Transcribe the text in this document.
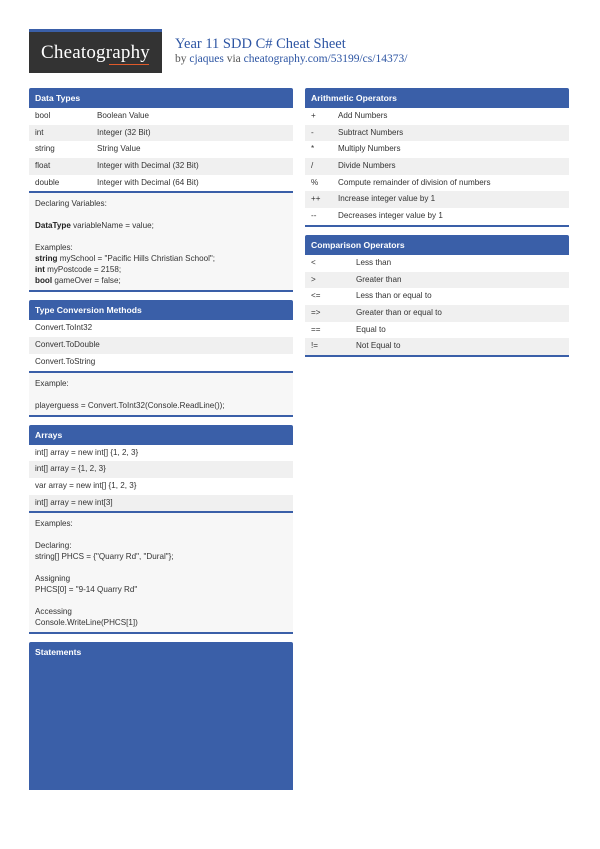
Cheatography	Year 11 SDD C# Cheat Sheet
by cjaques via cheatography.com/53199/cs/14373/
Data Types
bool	Boolean Value
int	Integer (32 Bit)
string	String Value
float	Integer with Decimal (32 Bit)
double	Integer with Decimal (64 Bit)
Declaring Variables:
DataType variableName = value;
Examples:
string mySchool = "Pacific Hills Christian School";
int myPostcode = 2158;
bool gameOver = false;
Type Conversion Methods
Convert.ToInt32
Convert.ToDouble
Convert.ToString
Example:
playerguess = Convert.ToInt32(Console.ReadLine());
Arrays
int[] array = new int[] {1, 2, 3}
int[] array = {1, 2, 3}
var array = new int[] {1, 2, 3}
int[] array = new int[3]
Examples:
Declaring:
string[] PHCS = {"Quarry Rd", "Dural"};
Assigning
PHCS[0] = "9-14 Quarry Rd"
Accessing
Console.WriteLine(PHCS[1])
Statements
Arithmetic Operators
+	Add Numbers
-	Subtract Numbers
*	Multiply Numbers
/	Divide Numbers
%	Compute remainder of division of numbers
++	Increase integer value by 1
--	Decreases integer value by 1
Comparison Operators
<	Less than
>	Greater than
<=	Less than or equal to
=>	Greater than or equal to
==	Equal to
!=	Not Equal to
